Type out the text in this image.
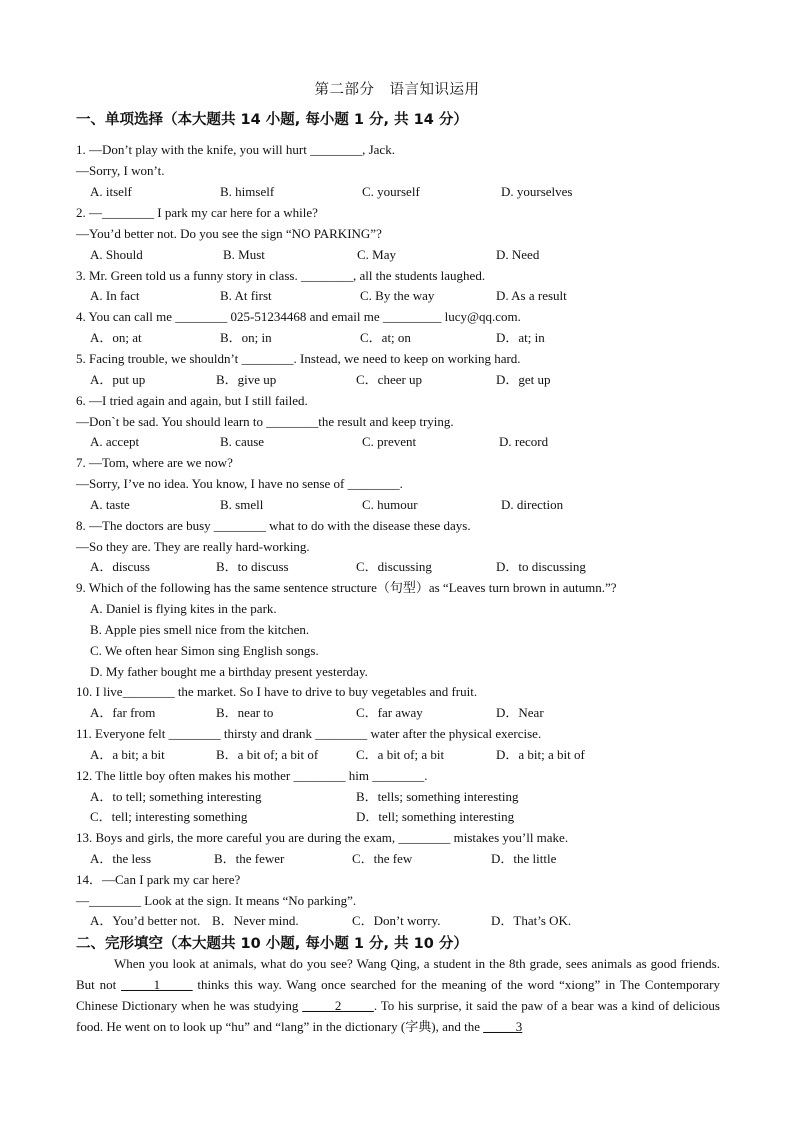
第二部分　语言知识运用
一、单项选择（本大题共 14 小题, 每小题 1 分, 共 14 分）
1. —Don’t play with the knife, you will hurt ________, Jack.
—Sorry, I won’t.
A. itself	B. himself	C. yourself	D. yourselves
2. —________ I park my car here for a while?
—You’d better not. Do you see the sign “NO PARKING”?
A. Should	B. Must	C. May	D. Need
3. Mr. Green told us a funny story in class. ________, all the students laughed.
A. In fact	B. At first	C. By the way	D. As a result
4. You can call me ________ 025-51234468 and email me _________ lucy@qq.com.
A．on; at	B．on; in	C．at; on	D．at; in
5. Facing trouble, we shouldn’t ________. Instead, we need to keep on working hard.
A．put up	B．give up	C．cheer up	D．get up
6. —I tried again and again, but I still failed.
—Don`t be sad. You should learn to ________the result and keep trying.
A. accept	B. cause	C. prevent	D. record
7. —Tom, where are we now?
—Sorry, I’ve no idea. You know, I have no sense of ________.
A. taste	B. smell	C. humour	D. direction
8. —The doctors are busy ________ what to do with the disease these days.
—So they are. They are really hard-working.
A．discuss	B．to discuss	C．discussing	D．to discussing
9. Which of the following has the same sentence structure（句型）as “Leaves turn brown in autumn.”?
A. Daniel is flying kites in the park.
B. Apple pies smell nice from the kitchen.
C. We often hear Simon sing English songs.
D. My father bought me a birthday present yesterday.
10. I live________ the market. So I have to drive to buy vegetables and fruit.
A．far from	B．near to	C．far away	D．Near
11. Everyone felt ________ thirsty and drank ________ water after the physical exercise.
A．a bit; a bit	B．a bit of; a bit of	C．a bit of; a bit	D．a bit; a bit of
12. The little boy often makes his mother ________ him ________.
A．to tell; something interesting	B．tells; something interesting
C．tell; interesting something	D．tell; something interesting
13. Boys and girls, the more careful you are during the exam, ________ mistakes you’ll make.
A．the less	B．the fewer	C．the few	D．the little
14．—Can I park my car here?
—________ Look at the sign. It means “No parking”.
A．You’d better not. B．Never mind.	C．Don’t worry.	D．That’s OK.
二、完形填空（本大题共 10 小题, 每小题 1 分, 共 10 分）
When you look at animals, what do you see? Wang Qing, a student in the 8th grade, sees animals as good friends. But not _____1_____ thinks this way. Wang once searched for the meaning of the word “xiong” in The Contemporary Chinese Dictionary when he was studying _____2_____. To his surprise, it said the paw of a bear was a kind of delicious food. He went on to look up “hu” and “lang” in the dictionary (字典), and the _____3
